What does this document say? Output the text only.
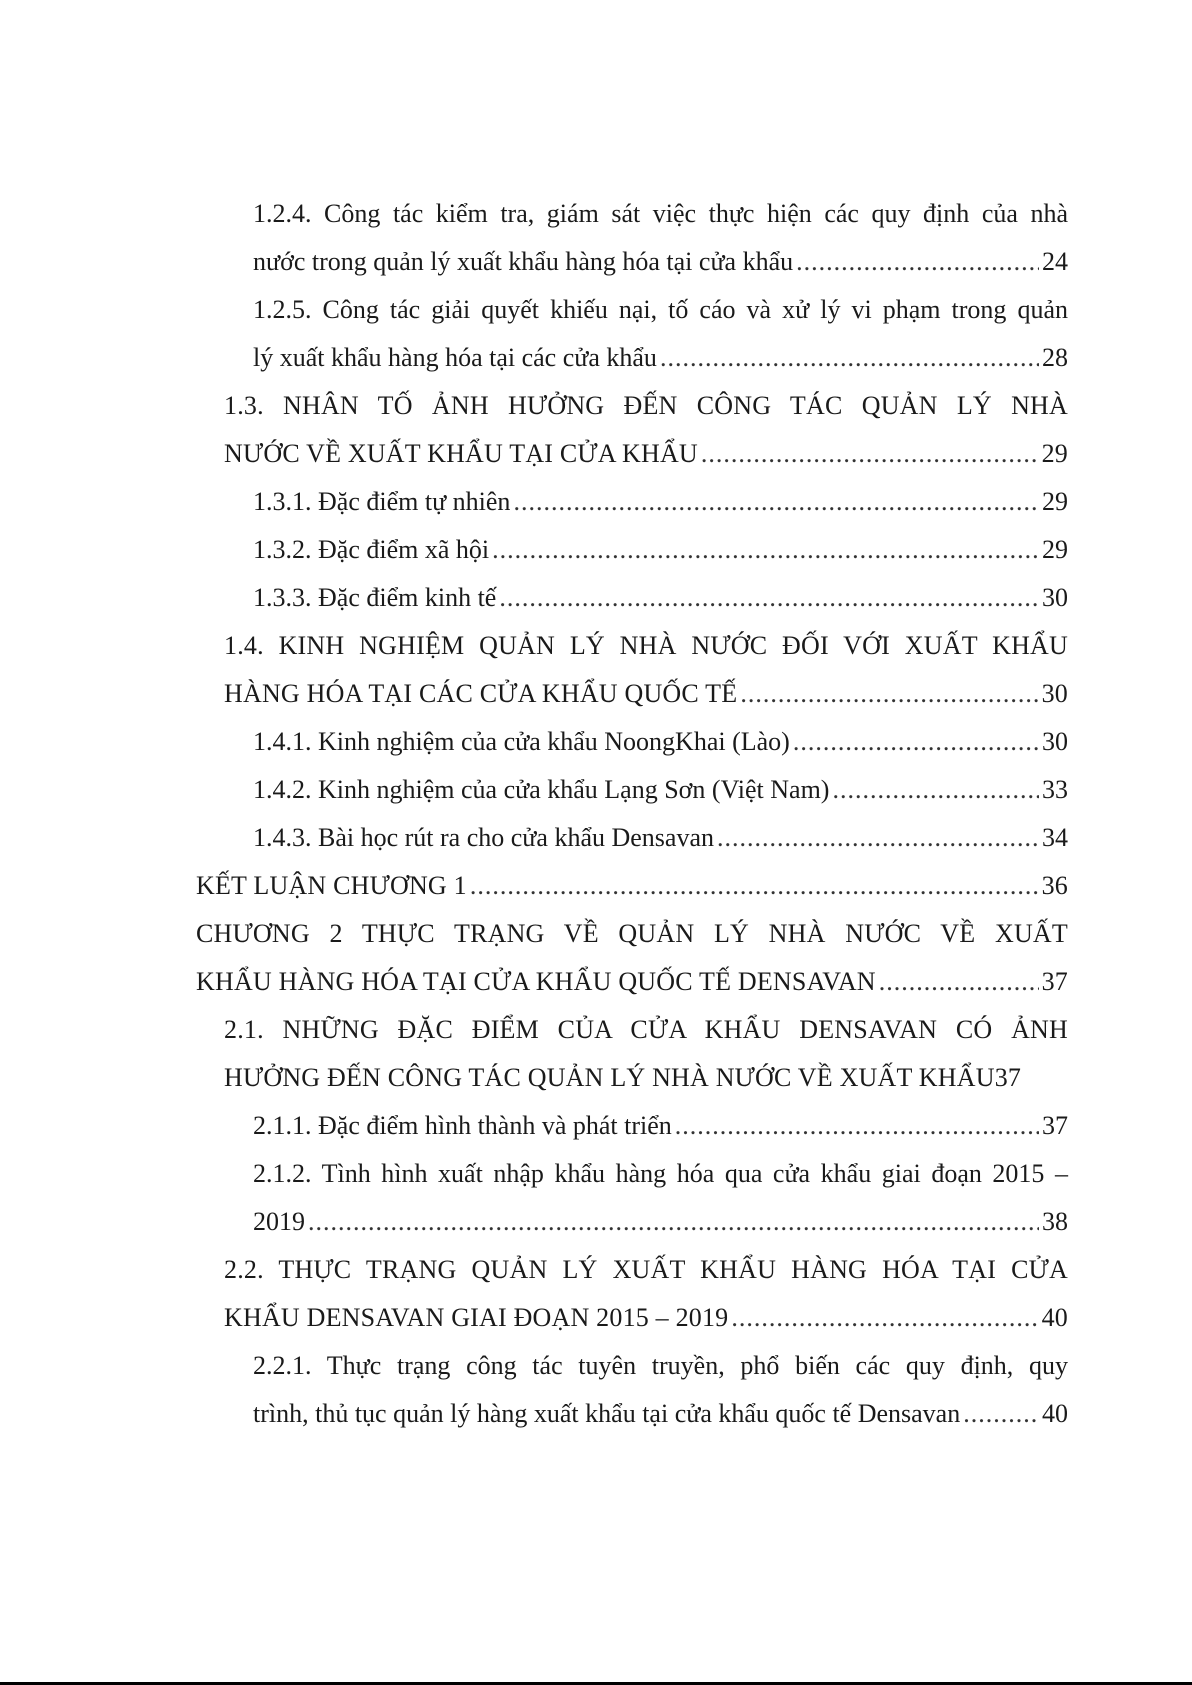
1.2.4. Công tác kiểm tra, giám sát việc thực hiện các quy định của nhà
nước trong quản lý xuất khẩu hàng hóa tại cửa khẩu .....	24
1.2.5. Công tác giải quyết khiếu nại, tố cáo và xử lý vi phạm trong quản
lý xuất khẩu hàng hóa tại các cửa khẩu .....	28
1.3. NHÂN TỐ ẢNH HƯỞNG ĐẾN CÔNG TÁC QUẢN LÝ NHÀ
NƯỚC VỀ XUẤT KHẨU TẠI CỬA KHẨU .....	29
1.3.1. Đặc điểm tự nhiên .....	29
1.3.2. Đặc điểm xã hội .....	29
1.3.3. Đặc điểm kinh tế .....	30
1.4. KINH NGHIỆM QUẢN LÝ NHÀ NƯỚC ĐỐI VỚI XUẤT KHẨU
HÀNG HÓA TẠI CÁC CỬA KHẨU QUỐC TẾ .....	30
1.4.1. Kinh nghiệm của cửa khẩu NoongKhai (Lào) .....	30
1.4.2. Kinh nghiệm của cửa khẩu Lạng Sơn (Việt Nam) .....	33
1.4.3. Bài học rút ra cho cửa khẩu Densavan .....	34
KẾT LUẬN CHƯƠNG 1 .....	36
CHƯƠNG 2 THỰC TRẠNG VỀ QUẢN LÝ NHÀ NƯỚC VỀ XUẤT
KHẨU HÀNG HÓA TẠI CỬA KHẨU QUỐC TẾ DENSAVAN .....	37
2.1. NHỮNG ĐẶC ĐIỂM CỦA CỬA KHẨU DENSAVAN CÓ ẢNH
HƯỞNG ĐẾN CÔNG TÁC QUẢN LÝ NHÀ NƯỚC VỀ XUẤT KHẨU37
2.1.1. Đặc điểm hình thành và phát triển .....	37
2.1.2. Tình hình xuất nhập khẩu hàng hóa qua cửa khẩu giai đoạn 2015 –
2019 .....	38
2.2. THỰC TRẠNG QUẢN LÝ XUẤT KHẨU HÀNG HÓA TẠI CỬA
KHẨU DENSAVAN GIAI ĐOẠN 2015 – 2019 .....	40
2.2.1. Thực trạng công tác tuyên truyền, phổ biến các quy định, quy
trình, thủ tục quản lý hàng xuất khẩu tại cửa khẩu quốc tế Densavan .....	40
